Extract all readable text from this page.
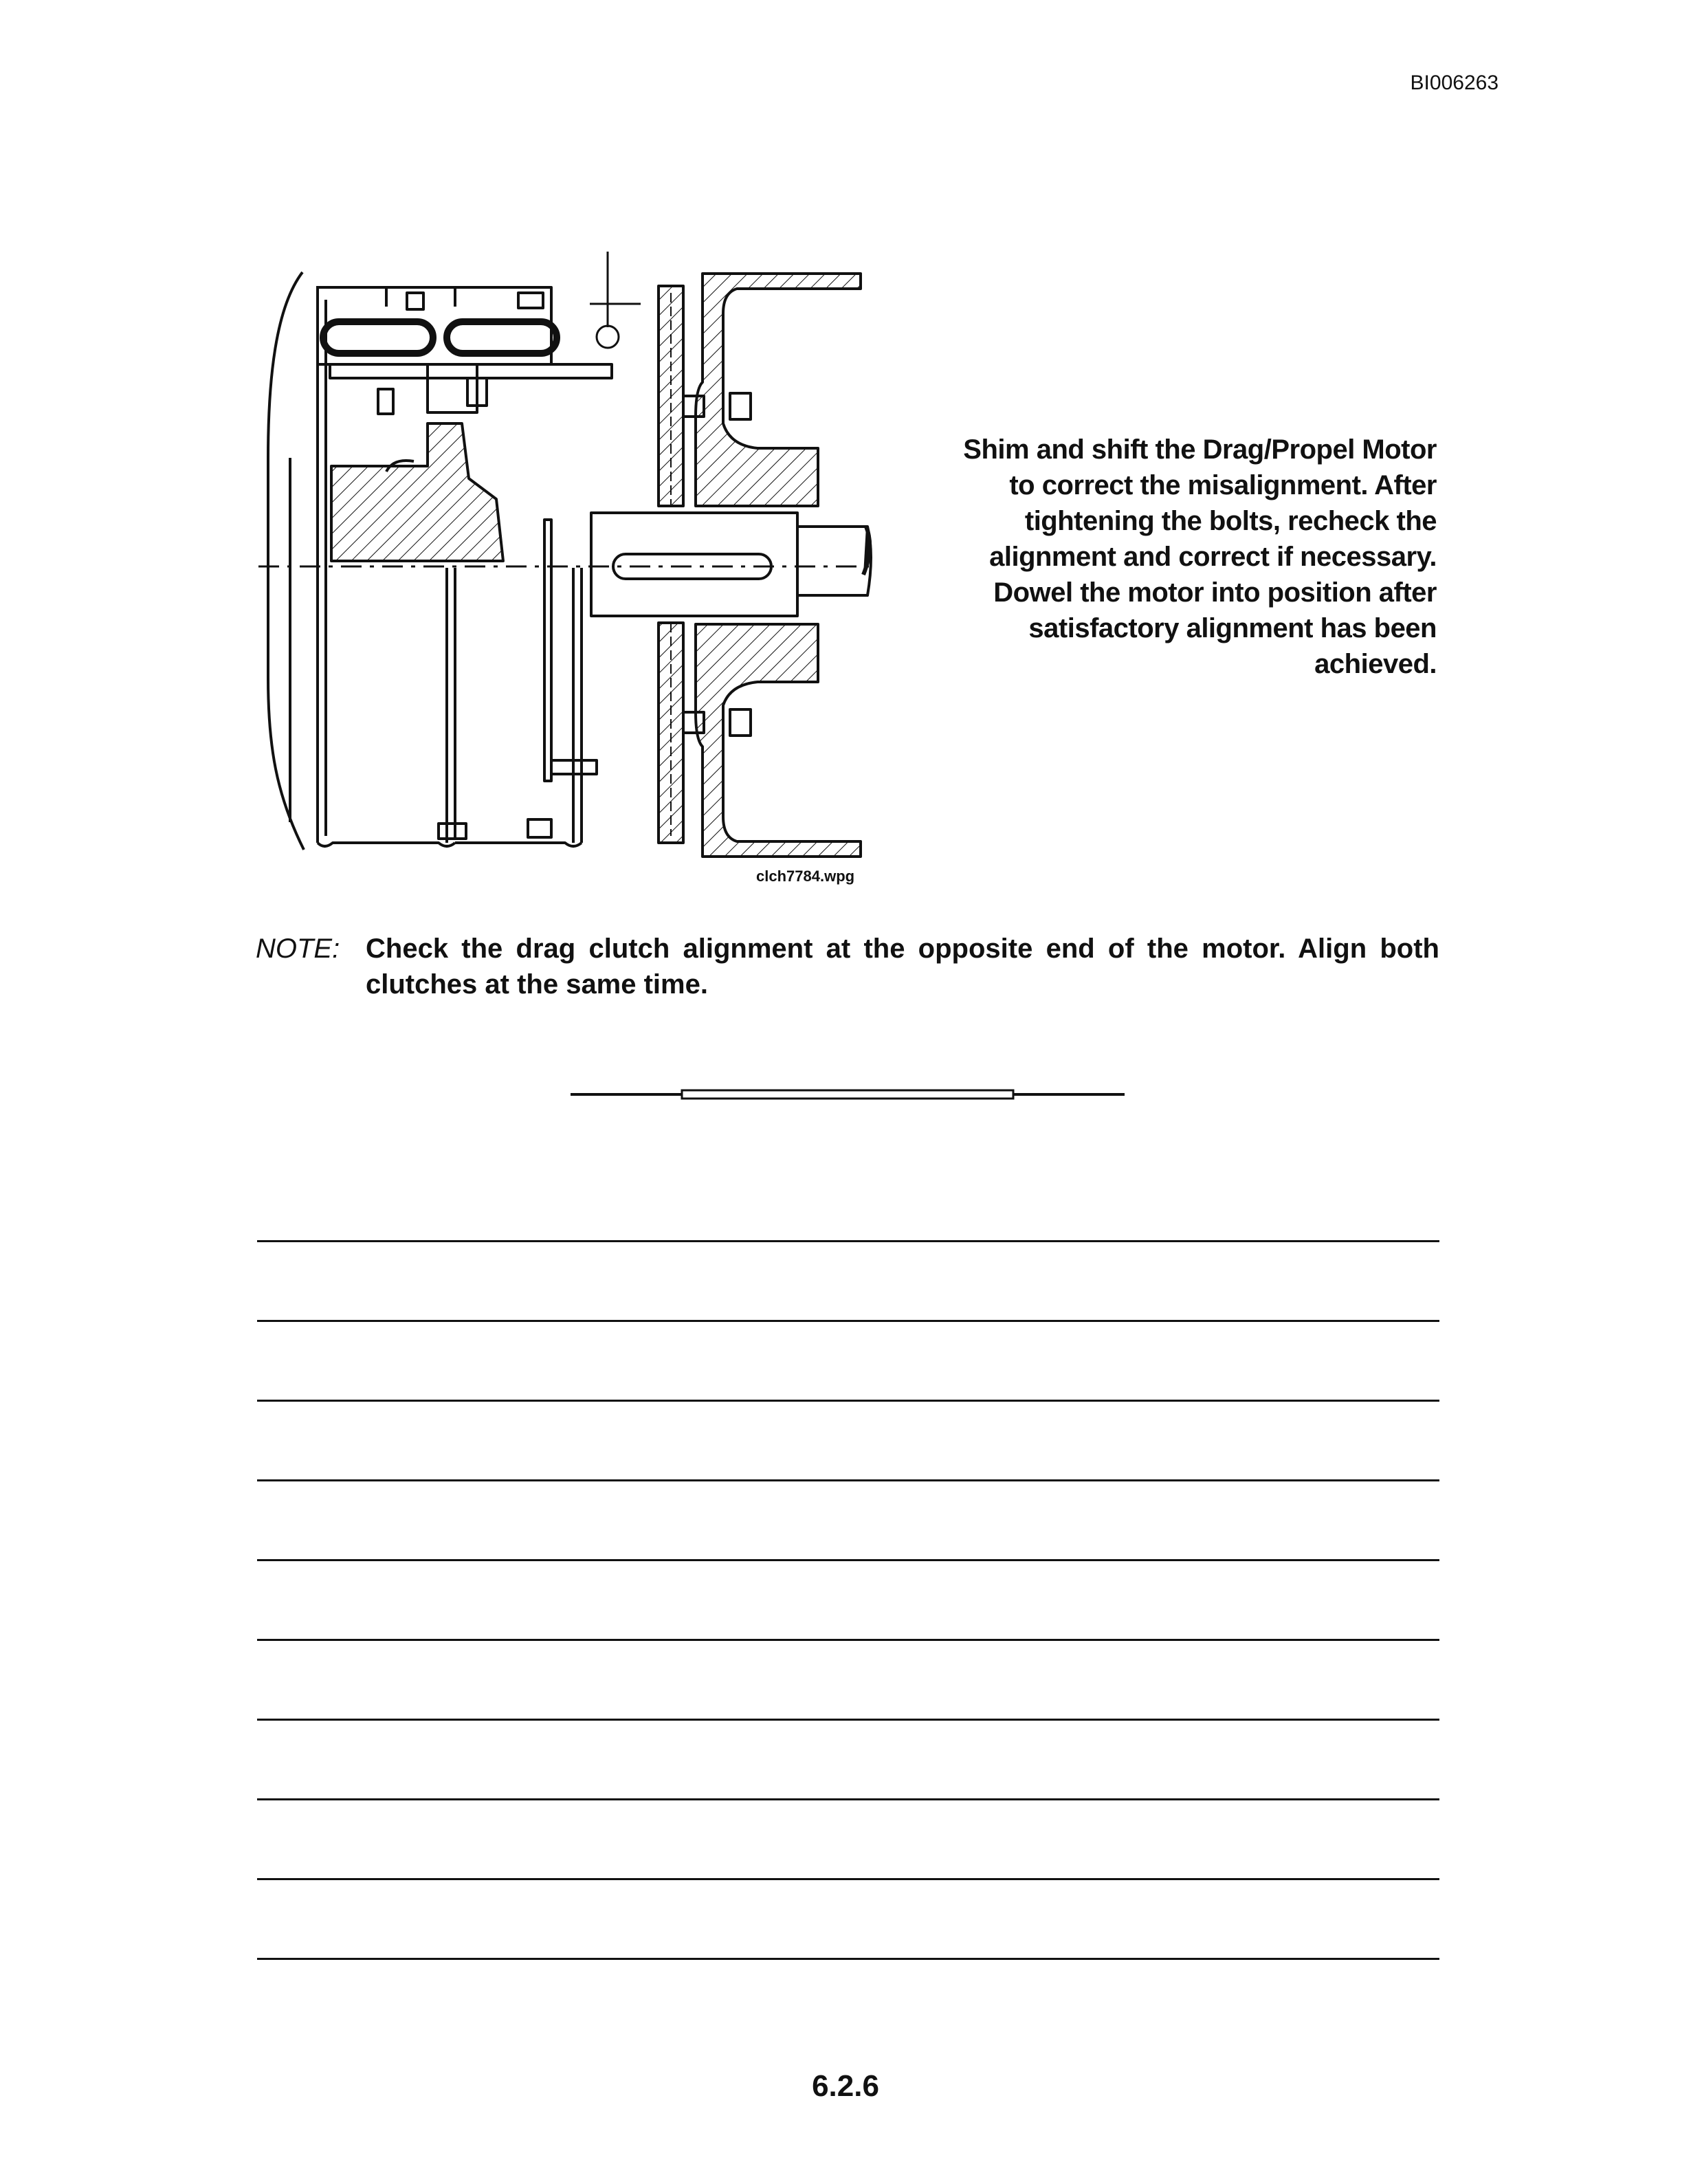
BI006263
clch7784.wpg
Shim and shift the Drag/Propel Motor
to correct the misalignment. After
tightening the bolts, recheck the
alignment and correct if necessary.
Dowel the motor into position after
satisfactory alignment has been
achieved.
NOTE: Check the drag clutch alignment at the opposite end of the motor. Align both clutches at the same time.
6.2.6
